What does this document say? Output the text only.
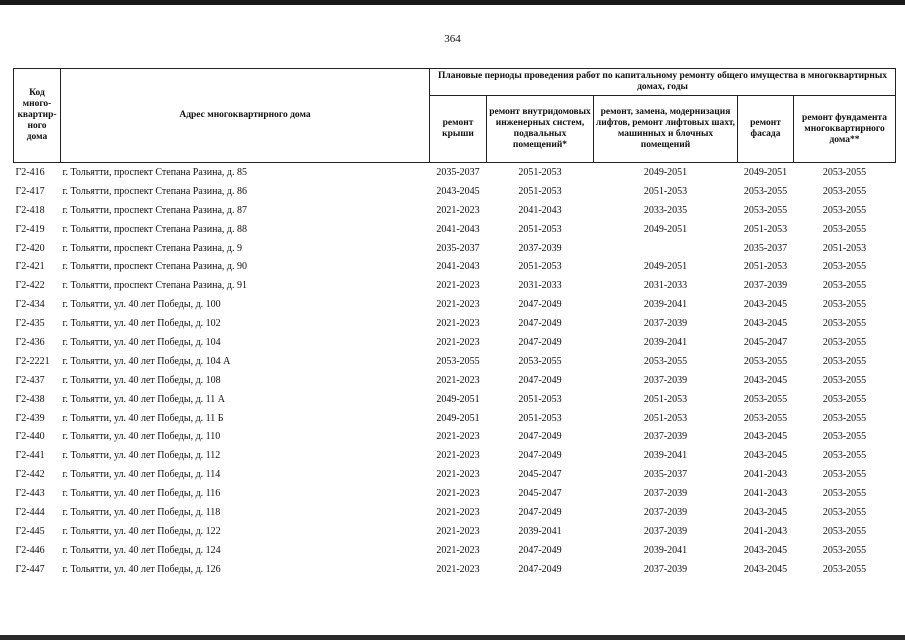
364
Код
много-
квартир-
ного
дома	Адрес многоквартирного дома	Плановые периоды проведения работ по капитальному ремонту общего имущества в многоквартирных домах, годы				
		ремонт крыши	ремонт внутридомовых инженерных систем, подвальных помещений*	ремонт, замена, модернизация лифтов, ремонт лифтовых шахт, машинных и блочных помещений	ремонт фасада	ремонт фундамента многоквартирного дома**
Г2-416	г. Тольятти, проспект Степана Разина, д. 85	2035-2037	2051-2053	2049-2051	2049-2051	2053-2055
Г2-417	г. Тольятти, проспект Степана Разина, д. 86	2043-2045	2051-2053	2051-2053	2053-2055	2053-2055
Г2-418	г. Тольятти, проспект Степана Разина, д. 87	2021-2023	2041-2043	2033-2035	2053-2055	2053-2055
Г2-419	г. Тольятти, проспект Степана Разина, д. 88	2041-2043	2051-2053	2049-2051	2051-2053	2053-2055
Г2-420	г. Тольятти, проспект Степана Разина, д. 9	2035-2037	2037-2039		2035-2037	2051-2053
Г2-421	г. Тольятти, проспект Степана Разина, д. 90	2041-2043	2051-2053	2049-2051	2051-2053	2053-2055
Г2-422	г. Тольятти, проспект Степана Разина, д. 91	2021-2023	2031-2033	2031-2033	2037-2039	2053-2055
Г2-434	г. Тольятти, ул. 40 лет Победы, д. 100	2021-2023	2047-2049	2039-2041	2043-2045	2053-2055
Г2-435	г. Тольятти, ул. 40 лет Победы, д. 102	2021-2023	2047-2049	2037-2039	2043-2045	2053-2055
Г2-436	г. Тольятти, ул. 40 лет Победы, д. 104	2021-2023	2047-2049	2039-2041	2045-2047	2053-2055
Г2-2221	г. Тольятти, ул. 40 лет Победы, д. 104 А	2053-2055	2053-2055	2053-2055	2053-2055	2053-2055
Г2-437	г. Тольятти, ул. 40 лет Победы, д. 108	2021-2023	2047-2049	2037-2039	2043-2045	2053-2055
Г2-438	г. Тольятти, ул. 40 лет Победы, д. 11 А	2049-2051	2051-2053	2051-2053	2053-2055	2053-2055
Г2-439	г. Тольятти, ул. 40 лет Победы, д. 11 Б	2049-2051	2051-2053	2051-2053	2053-2055	2053-2055
Г2-440	г. Тольятти, ул. 40 лет Победы, д. 110	2021-2023	2047-2049	2037-2039	2043-2045	2053-2055
Г2-441	г. Тольятти, ул. 40 лет Победы, д. 112	2021-2023	2047-2049	2039-2041	2043-2045	2053-2055
Г2-442	г. Тольятти, ул. 40 лет Победы, д. 114	2021-2023	2045-2047	2035-2037	2041-2043	2053-2055
Г2-443	г. Тольятти, ул. 40 лет Победы, д. 116	2021-2023	2045-2047	2037-2039	2041-2043	2053-2055
Г2-444	г. Тольятти, ул. 40 лет Победы, д. 118	2021-2023	2047-2049	2037-2039	2043-2045	2053-2055
Г2-445	г. Тольятти, ул. 40 лет Победы, д. 122	2021-2023	2039-2041	2037-2039	2041-2043	2053-2055
Г2-446	г. Тольятти, ул. 40 лет Победы, д. 124	2021-2023	2047-2049	2039-2041	2043-2045	2053-2055
Г2-447	г. Тольятти, ул. 40 лет Победы, д. 126	2021-2023	2047-2049	2037-2039	2043-2045	2053-2055
